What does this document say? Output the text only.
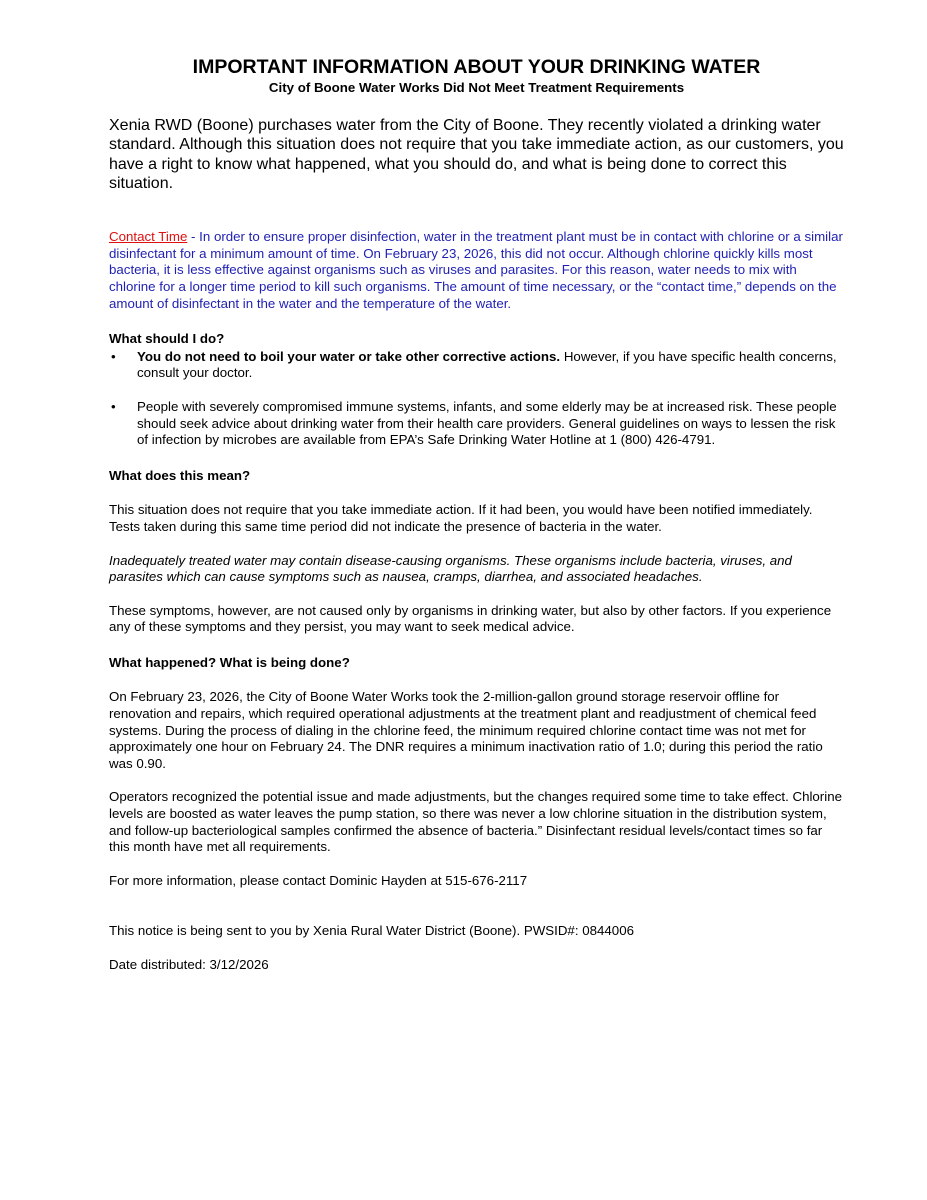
IMPORTANT INFORMATION ABOUT YOUR DRINKING WATER
City of Boone Water Works Did Not Meet Treatment Requirements

Xenia RWD (Boone) purchases water from the City of Boone. They recently violated a drinking water standard. Although this situation does not require that you take immediate action, as our customers, you have a right to know what happened, what you should do, and what is being done to correct this situation.

Contact Time - In order to ensure proper disinfection, water in the treatment plant must be in contact with chlorine or a similar disinfectant for a minimum amount of time. On February 23, 2026, this did not occur. Although chlorine quickly kills most bacteria, it is less effective against organisms such as viruses and parasites. For this reason, water needs to mix with chlorine for a longer time period to kill such organisms. The amount of time necessary, or the “contact time,” depends on the amount of disinfectant in the water and the temperature of the water.

What should I do?
• You do not need to boil your water or take other corrective actions. However, if you have specific health concerns, consult your doctor.
• People with severely compromised immune systems, infants, and some elderly may be at increased risk. These people should seek advice about drinking water from their health care providers. General guidelines on ways to lessen the risk of infection by microbes are available from EPA’s Safe Drinking Water Hotline at 1 (800) 426-4791.
What does this mean?

This situation does not require that you take immediate action. If it had been, you would have been notified immediately. Tests taken during this same time period did not indicate the presence of bacteria in the water.

Inadequately treated water may contain disease-causing organisms. These organisms include bacteria, viruses, and parasites which can cause symptoms such as nausea, cramps, diarrhea, and associated headaches.

These symptoms, however, are not caused only by organisms in drinking water, but also by other factors. If you experience any of these symptoms and they persist, you may want to seek medical advice.

What happened? What is being done?

On February 23, 2026, the City of Boone Water Works took the 2-million-gallon ground storage reservoir offline for renovation and repairs, which required operational adjustments at the treatment plant and readjustment of chemical feed systems. During the process of dialing in the chlorine feed, the minimum required chlorine contact time was not met for approximately one hour on February 24. The DNR requires a minimum inactivation ratio of 1.0; during this period the ratio was 0.90.

Operators recognized the potential issue and made adjustments, but the changes required some time to take effect. Chlorine levels are boosted as water leaves the pump station, so there was never a low chlorine situation in the distribution system, and follow-up bacteriological samples confirmed the absence of bacteria.” Disinfectant residual levels/contact times so far this month have met all requirements.

For more information, please contact Dominic Hayden at 515-676-2117

This notice is being sent to you by Xenia Rural Water District (Boone). PWSID#: 0844006

Date distributed: 3/12/2026
